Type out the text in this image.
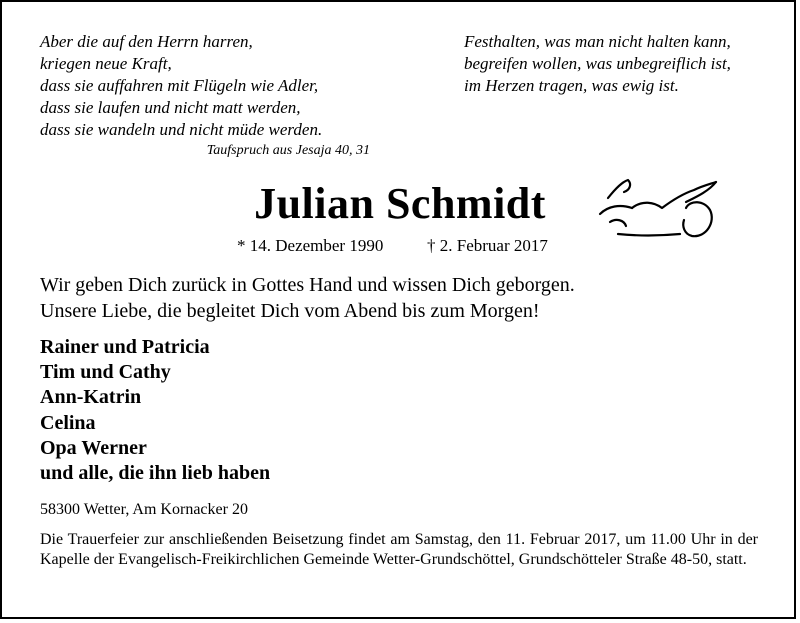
Aber die auf den Herrn harren,
kriegen neue Kraft,
dass sie auffahren mit Flügeln wie Adler,
dass sie laufen und nicht matt werden,
dass sie wandeln und nicht müde werden.
Taufspruch aus Jesaja 40, 31
Festhalten, was man nicht halten kann,
begreifen wollen, was unbegreiflich ist,
im Herzen tragen, was ewig ist.
Julian Schmidt
* 14. Dezember 1990	† 2. Februar 2017
Wir geben Dich zurück in Gottes Hand und wissen Dich geborgen.
Unsere Liebe, die begleitet Dich vom Abend bis zum Morgen!
Rainer und Patricia
Tim und Cathy
Ann-Katrin
Celina
Opa Werner
und alle, die ihn lieb haben
58300 Wetter, Am Kornacker 20
Die Trauerfeier zur anschließenden Beisetzung findet am Samstag, den 11. Februar 2017, um 11.00 Uhr in der Kapelle der Evangelisch-Freikirchlichen Gemeinde Wetter-Grundschöttel, Grundschötteler Straße 48-50, statt.
